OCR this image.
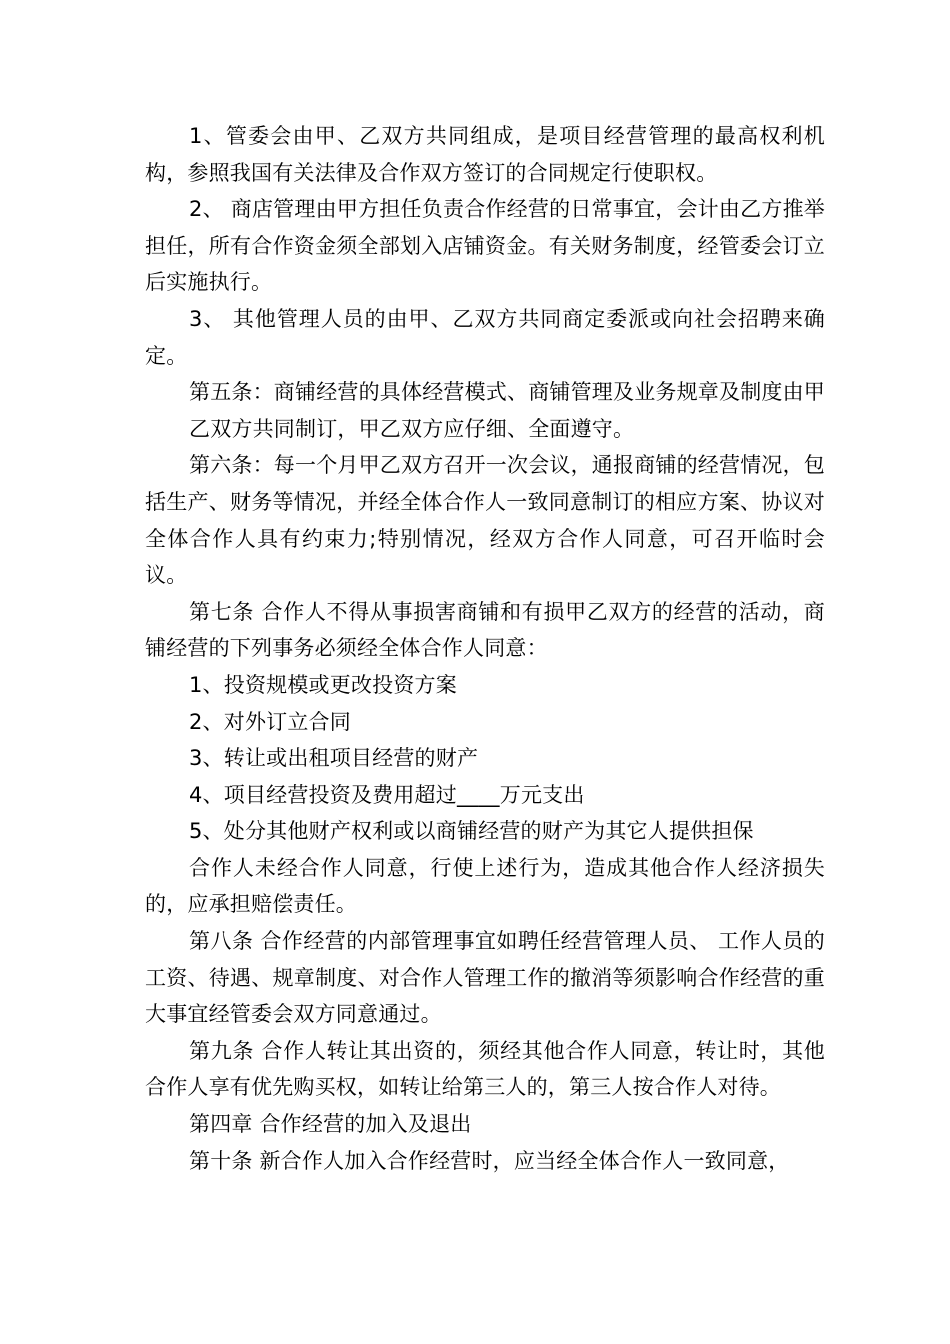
1、管委会由甲、乙双方共同组成，是项目经营管理的最高权利机构，参照我国有关法律及合作双方签订的合同规定行使职权。

2、 商店管理由甲方担任负责合作经营的日常事宜，会计由乙方推举担任，所有合作资金须全部划入店铺资金。有关财务制度，经管委会订立后实施执行。

3、 其他管理人员的由甲、乙双方共同商定委派或向社会招聘来确定。

第五条：商铺经营的具体经营模式、商铺管理及业务规章及制度由甲乙双方共同制订，甲乙双方应仔细、全面遵守。

第六条：每一个月甲乙双方召开一次会议，通报商铺的经营情况，包括生产、财务等情况，并经全体合作人一致同意制订的相应方案、协议对全体合作人具有约束力;特别情况，经双方合作人同意，可召开临时会议。

第七条 合作人不得从事损害商铺和有损甲乙双方的经营的活动，商铺经营的下列事务必须经全体合作人同意：

1、投资规模或更改投资方案

2、对外订立合同

3、转让或出租项目经营的财产

4、项目经营投资及费用超过____万元支出

5、处分其他财产权利或以商铺经营的财产为其它人提供担保

合作人未经合作人同意，行使上述行为，造成其他合作人经济损失的，应承担赔偿责任。

第八条 合作经营的内部管理事宜如聘任经营管理人员、 工作人员的工资、待遇、规章制度、对合作人管理工作的撤消等须影响合作经营的重大事宜经管委会双方同意通过。

第九条 合作人转让其出资的，须经其他合作人同意，转让时，其他合作人享有优先购买权，如转让给第三人的，第三人按合作人对待。

第四章 合作经营的加入及退出

第十条 新合作人加入合作经营时，应当经全体合作人一致同意，
